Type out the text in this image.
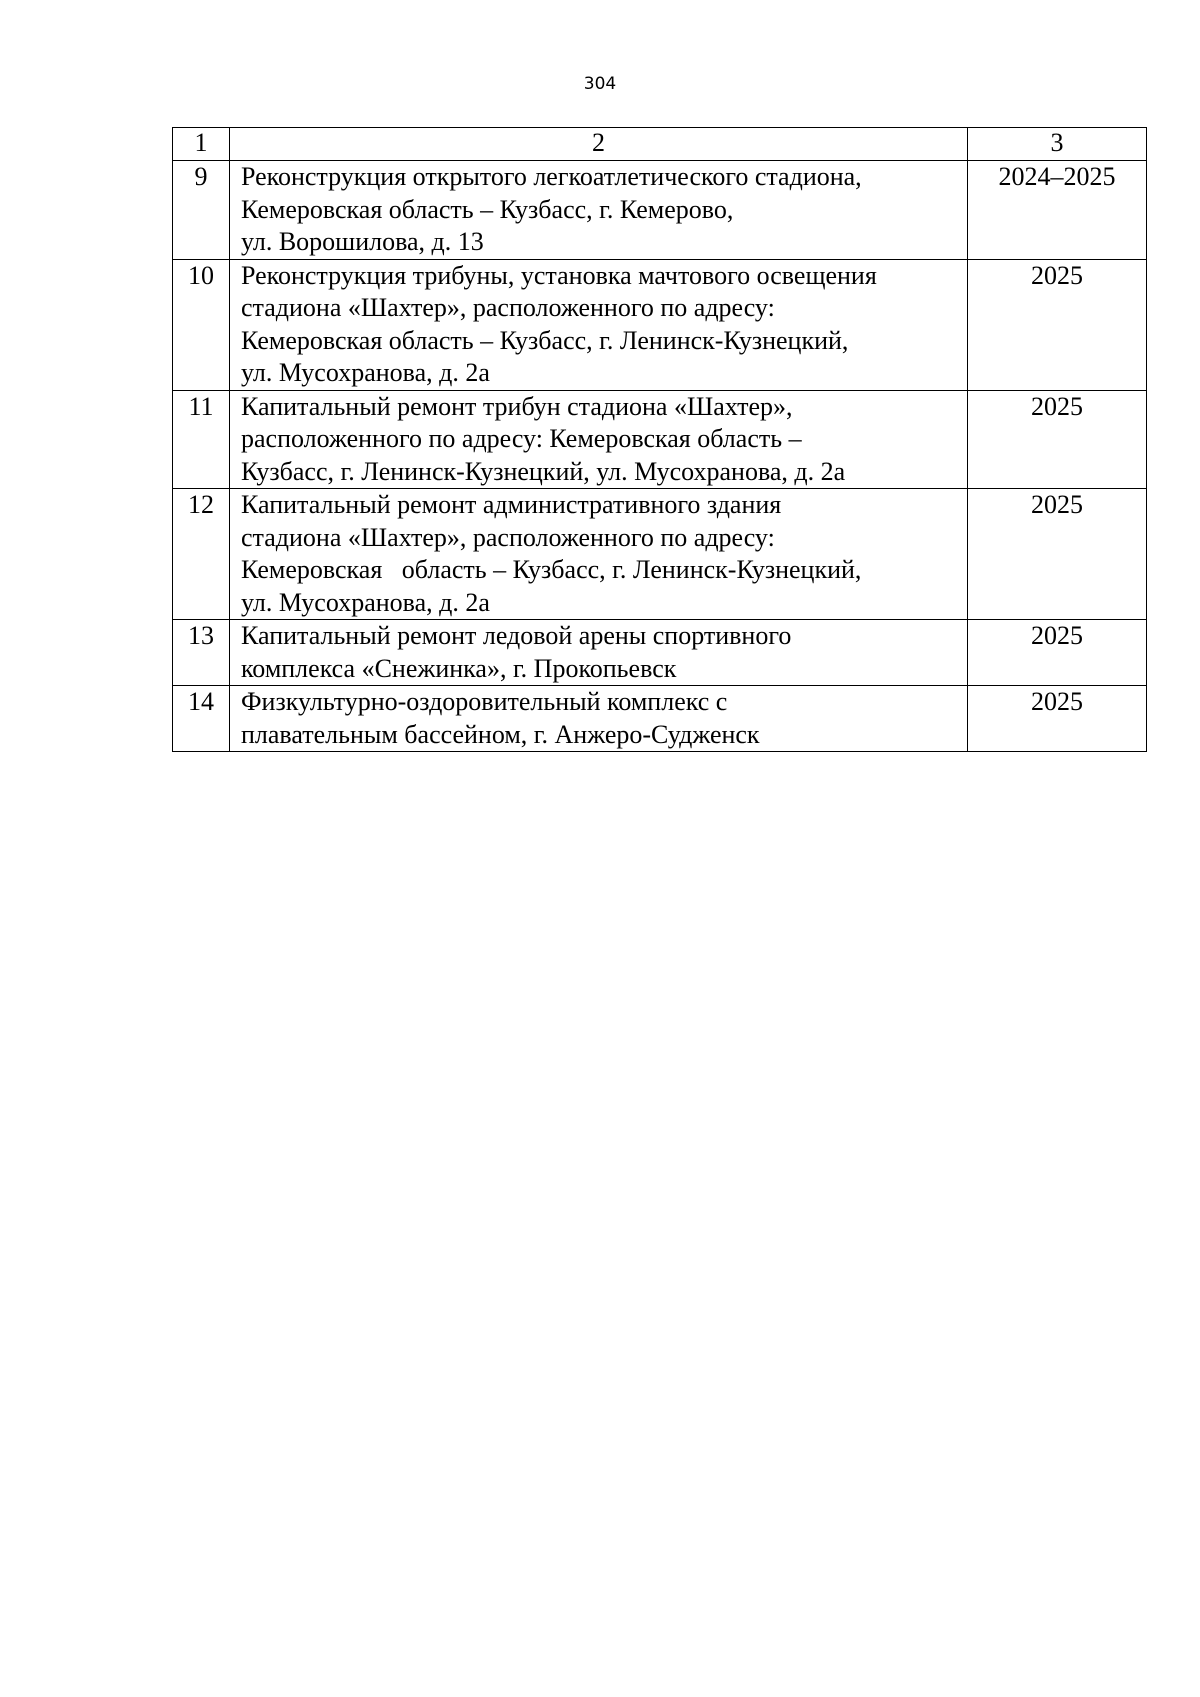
304
1	2	3
9	Реконструкция открытого легкоатлетического стадиона,
Кемеровская область – Кузбасс, г. Кемерово,
ул. Ворошилова, д. 13	2024–2025
10	Реконструкция трибуны, установка мачтового освещения
стадиона «Шахтер», расположенного по адресу:
Кемеровская область – Кузбасс, г. Ленинск-Кузнецкий,
ул. Мусохранова, д. 2а	2025
11	Капитальный ремонт трибун стадиона «Шахтер»,
расположенного по адресу: Кемеровская область –
Кузбасс, г. Ленинск-Кузнецкий, ул. Мусохранова, д. 2а	2025
12	Капитальный ремонт административного здания
стадиона «Шахтер», расположенного по адресу:
Кемеровская   область – Кузбасс, г. Ленинск-Кузнецкий,
ул. Мусохранова, д. 2а	2025
13	Капитальный ремонт ледовой арены спортивного
комплекса «Снежинка», г. Прокопьевск	2025
14	Физкультурно-оздоровительный комплекс с
плавательным бассейном, г. Анжеро-Судженск	2025
